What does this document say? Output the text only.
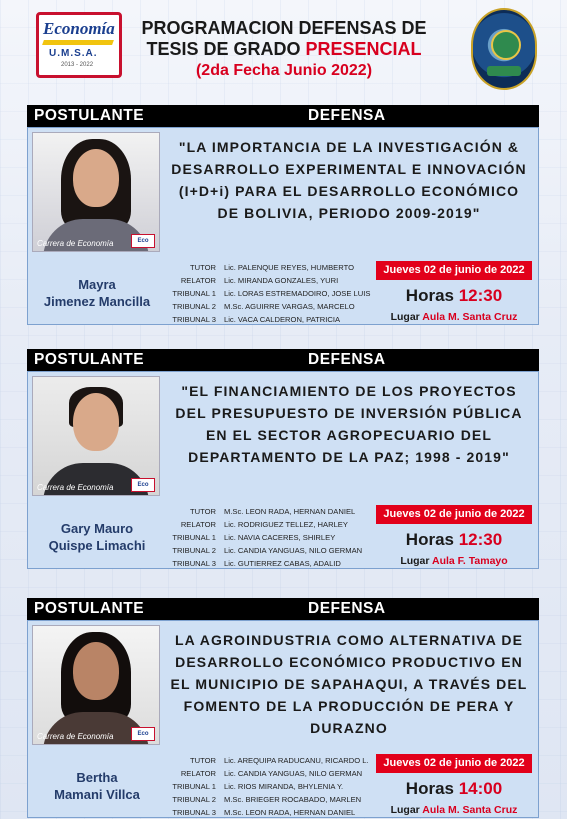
Economía
U.M.S.A.
2013 - 2022
PROGRAMACION DEFENSAS DE
TESIS DE GRADO PRESENCIAL
(2da Fecha Junio 2022)
POSTULANTE	DEFENSA
Carrera de Economía	Eco
"LA IMPORTANCIA DE LA INVESTIGACIÓN & DESARROLLO EXPERIMENTAL E INNOVACIÓN (I+D+i) PARA EL DESARROLLO ECONÓMICO DE BOLIVIA, PERIODO 2009-2019"
Mayra
Jimenez Mancilla
TUTOR Lic. PALENQUE REYES, HUMBERTO
RELATOR Lic. MIRANDA GONZALES, YURI
TRIBUNAL 1 Lic. LORAS ESTREMADOIRO, JOSE LUIS
TRIBUNAL 2 M.Sc. AGUIRRE VARGAS, MARCELO
TRIBUNAL 3 Lic. VACA CALDERON, PATRICIA
Jueves 02 de junio de 2022
Horas 12:30
Lugar Aula M. Santa Cruz
POSTULANTE	DEFENSA
Carrera de Economía	Eco
"EL FINANCIAMIENTO DE LOS PROYECTOS DEL PRESUPUESTO DE INVERSIÓN PÚBLICA EN EL SECTOR AGROPECUARIO DEL DEPARTAMENTO DE LA PAZ; 1998 - 2019"
Gary Mauro
Quispe Limachi
TUTOR M.Sc. LEON RADA, HERNAN DANIEL
RELATOR Lic. RODRIGUEZ TELLEZ, HARLEY
TRIBUNAL 1 Lic. NAVIA CACERES, SHIRLEY
TRIBUNAL 2 Lic. CANDIA YANGUAS, NILO GERMAN
TRIBUNAL 3 Lic. GUTIERREZ CABAS, ADALID
Jueves 02 de junio de 2022
Horas 12:30
Lugar Aula F. Tamayo
POSTULANTE	DEFENSA
Carrera de Economía	Eco
LA AGROINDUSTRIA COMO ALTERNATIVA DE DESARROLLO ECONÓMICO PRODUCTIVO EN EL MUNICIPIO DE SAPAHAQUI, A TRAVÉS DEL FOMENTO DE LA PRODUCCIÓN DE PERA Y DURAZNO
Bertha
Mamani Villca
TUTOR Lic. AREQUIPA RADUCANU, RICARDO L.
RELATOR Lic. CANDIA YANGUAS, NILO GERMAN
TRIBUNAL 1 Lic. RIOS MIRANDA, BHYLENIA Y.
TRIBUNAL 2 M.Sc. BRIEGER ROCABADO, MARLEN
TRIBUNAL 3 M.Sc. LEON RADA, HERNAN DANIEL
Jueves 02 de junio de 2022
Horas 14:00
Lugar Aula M. Santa Cruz
